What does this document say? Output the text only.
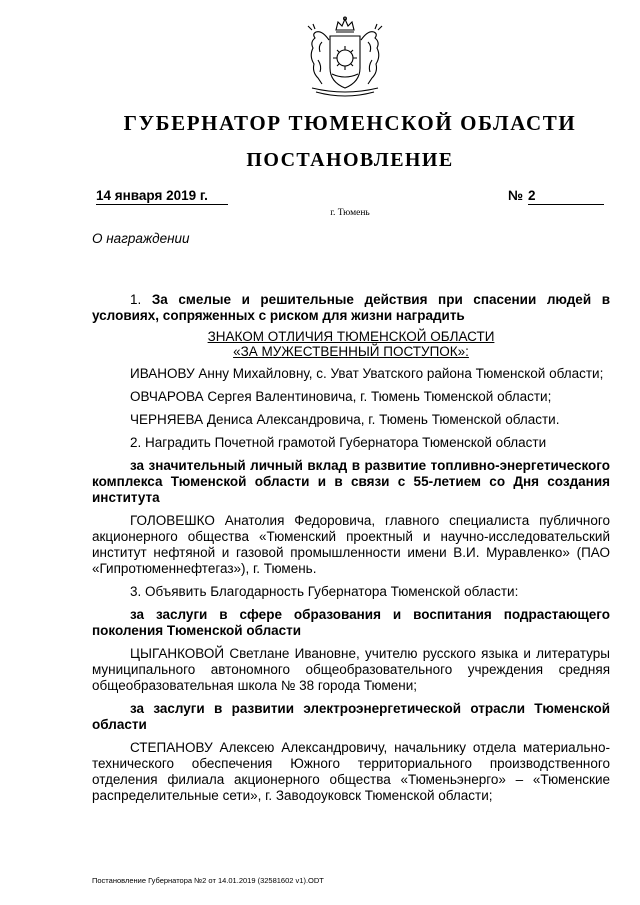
ГУБЕРНАТОР ТЮМЕНСКОЙ ОБЛАСТИ
ПОСТАНОВЛЕНИЕ
14 января 2019 г.	№ 2
г. Тюмень
О награждении

1. За смелые и решительные действия при спасении людей в условиях, сопряженных с риском для жизни наградить

ЗНАКОМ ОТЛИЧИЯ ТЮМЕНСКОЙ ОБЛАСТИ
«ЗА МУЖЕСТВЕННЫЙ ПОСТУПОК»:

ИВАНОВУ Анну Михайловну, с. Уват Уватского района Тюменской области;

ОВЧАРОВА Сергея Валентиновича, г. Тюмень Тюменской области;

ЧЕРНЯЕВА Дениса Александровича, г. Тюмень Тюменской области.

2. Наградить Почетной грамотой Губернатора Тюменской области

за значительный личный вклад в развитие топливно-энергетического комплекса Тюменской области и в связи с 55-летием со Дня создания института

ГОЛОВЕШКО Анатолия Федоровича, главного специалиста публичного акционерного общества «Тюменский проектный и научно-исследовательский институт нефтяной и газовой промышленности имени В.И. Муравленко» (ПАО «Гипротюменнефтегаз»), г. Тюмень.

3. Объявить Благодарность Губернатора Тюменской области:

за заслуги в сфере образования и воспитания подрастающего поколения Тюменской области

ЦЫГАНКОВОЙ Светлане Ивановне, учителю русского языка и литературы муниципального автономного общеобразовательного учреждения средняя общеобразовательная школа № 38 города Тюмени;

за заслуги в развитии электроэнергетической отрасли Тюменской области

СТЕПАНОВУ Алексею Александровичу, начальнику отдела материально-технического обеспечения Южного территориального производственного отделения филиала акционерного общества «Тюменьэнерго» – «Тюменские распределительные сети», г. Заводоуковск Тюменской области;

Постановление Губернатора №2 от 14.01.2019 (32581602 v1).ODT
